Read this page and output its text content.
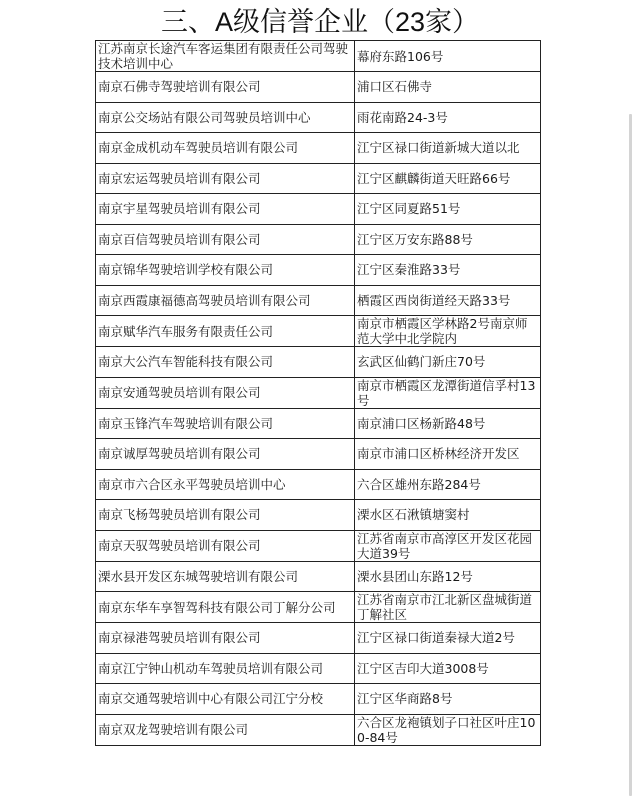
三、A级信誉企业（23家）
江苏南京长途汽车客运集团有限责任公司驾驶技术培训中心	幕府东路106号
南京石佛寺驾驶培训有限公司	浦口区石佛寺
南京公交场站有限公司驾驶员培训中心	雨花南路24-3号
南京金成机动车驾驶员培训有限公司	江宁区禄口街道新城大道以北
南京宏运驾驶员培训有限公司	江宁区麒麟街道天旺路66号
南京宇星驾驶员培训有限公司	江宁区同夏路51号
南京百信驾驶员培训有限公司	江宁区万安东路88号
南京锦华驾驶培训学校有限公司	江宁区秦淮路33号
南京西霞康福德高驾驶员培训有限公司	栖霞区西岗街道经天路33号
南京赋华汽车服务有限责任公司	南京市栖霞区学林路2号南京师范大学中北学院内
南京大公汽车智能科技有限公司	玄武区仙鹤门新庄70号
南京安通驾驶员培训有限公司	南京市栖霞区龙潭街道信孚村13号
南京玉锋汽车驾驶培训有限公司	南京浦口区杨新路48号
南京诚厚驾驶员培训有限公司	南京市浦口区桥林经济开发区
南京市六合区永平驾驶员培训中心	六合区雄州东路284号
南京飞杨驾驶员培训有限公司	溧水区石湫镇塘窦村
南京天驭驾驶员培训有限公司	江苏省南京市高淳区开发区花园大道39号
溧水县开发区东城驾驶培训有限公司	溧水县团山东路12号
南京东华车享智驾科技有限公司丁解分公司	江苏省南京市江北新区盘城街道丁解社区
南京禄港驾驶员培训有限公司	江宁区禄口街道秦禄大道2号
南京江宁钟山机动车驾驶员培训有限公司	江宁区吉印大道3008号
南京交通驾驶培训中心有限公司江宁分校	江宁区华商路8号
南京双龙驾驶培训有限公司	六合区龙袍镇划子口社区叶庄100-84号
